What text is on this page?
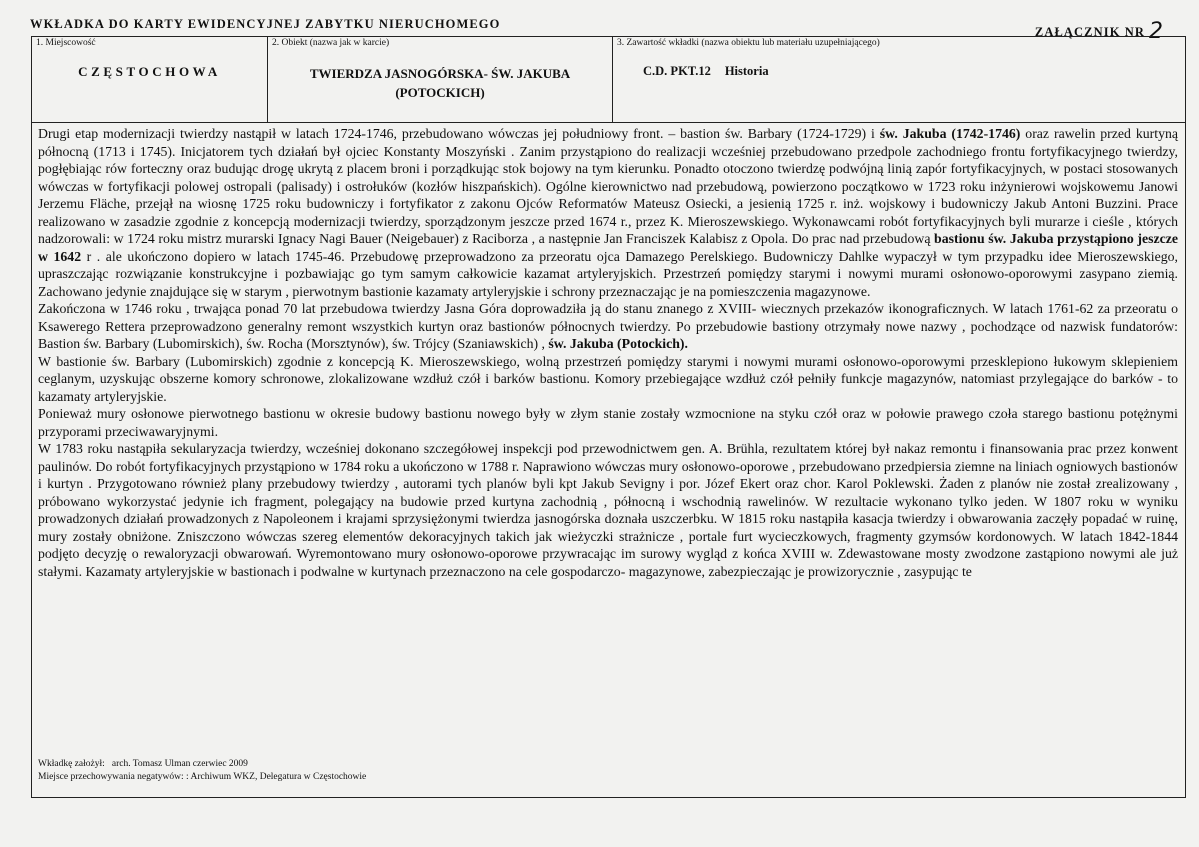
WKŁADKA DO KARTY EWIDENCYJNEJ ZABYTKU NIERUCHOMEGO
ZAŁĄCZNIK NR 2
1. Miejscowość
CZĘSTOCHOWA
2. Obiekt (nazwa jak w karcie)
TWIERDZA JASNOGÓRSKA- ŚW. JAKUBA (POTOCKICH)
3. Zawartość wkładki (nazwa obiektu lub materiału uzupełniającego)
C.D. PKT.12 Historia

Drugi etap modernizacji twierdzy nastąpił w latach 1724-1746, przebudowano wówczas jej południowy front. – bastion św. Barbary (1724-1729) i św. Jakuba (1742-1746) oraz rawelin przed kurtyną północną (1713 i 1745). Inicjatorem tych działań był ojciec Konstanty Moszyński . Zanim przystąpiono do realizacji wcześniej przebudowano przedpole zachodniego frontu fortyfikacyjnego twierdzy, pogłębiając rów forteczny oraz budując drogę ukrytą z placem broni i porządkując stok bojowy na tym kierunku. Ponadto otoczono twierdzę podwójną linią zapór fortyfikacyjnych, w postaci stosowanych wówczas w fortyfikacji polowej ostropali (palisady) i ostrołuków (kozłów hiszpańskich). Ogólne kierownictwo nad przebudową, powierzono początkowo w 1723 roku inżynierowi wojskowemu Janowi Jerzemu Fläche, przejął na wiosnę 1725 roku budowniczy i fortyfikator z zakonu Ojców Reformatów Mateusz Osiecki, a jesienią 1725 r. inż. wojskowy i budowniczy Jakub Antoni Buzzini. Prace realizowano w zasadzie zgodnie z koncepcją modernizacji twierdzy, sporządzonym jeszcze przed 1674 r., przez K. Mieroszewskiego. Wykonawcami robót fortyfikacyjnych byli murarze i cieśle , których nadzorowali: w 1724 roku mistrz murarski Ignacy Nagi Bauer (Neigebauer) z Raciborza , a następnie Jan Franciszek Kalabisz z Opola. Do prac nad przebudową bastionu św. Jakuba przystąpiono jeszcze w 1642 r . ale ukończono dopiero w latach 1745-46. Przebudowę przeprowadzono za przeoratu ojca Damazego Perelskiego. Budowniczy Dahlke wypaczył w tym przypadku idee Mieroszewskiego, upraszczając rozwiązanie konstrukcyjne i pozbawiając go tym samym całkowicie kazamat artyleryjskich. Przestrzeń pomiędzy starymi i nowymi murami osłonowo-oporowymi zasypano ziemią. Zachowano jedynie znajdujące się w starym , pierwotnym bastionie kazamaty artyleryjskie i schrony przeznaczając je na pomieszczenia magazynowe.

Zakończona w 1746 roku , trwająca ponad 70 lat przebudowa twierdzy Jasna Góra doprowadziła ją do stanu znanego z XVIII- wiecznych przekazów ikonograficznych. W latach 1761-62 za przeoratu o Ksawerego Rettera przeprowadzono generalny remont wszystkich kurtyn oraz bastionów północnych twierdzy. Po przebudowie bastiony otrzymały nowe nazwy , pochodzące od nazwisk fundatorów: Bastion św. Barbary (Lubomirskich), św. Rocha (Morsztynów), św. Trójcy (Szaniawskich) , św. Jakuba (Potockich).

W bastionie św. Barbary (Lubomirskich) zgodnie z koncepcją K. Mieroszewskiego, wolną przestrzeń pomiędzy starymi i nowymi murami osłonowo-oporowymi przesklepiono łukowym sklepieniem ceglanym, uzyskując obszerne komory schronowe, zlokalizowane wzdłuż czół i barków bastionu. Komory przebiegające wzdłuż czół pełniły funkcje magazynów, natomiast przylegające do barków - to kazamaty artyleryjskie.

Ponieważ mury osłonowe pierwotnego bastionu w okresie budowy bastionu nowego były w złym stanie zostały wzmocnione na styku czół oraz w połowie prawego czoła starego bastionu potężnymi przyporami przeciwawaryjnymi.

W 1783 roku nastąpiła sekularyzacja twierdzy, wcześniej dokonano szczegółowej inspekcji pod przewodnictwem gen. A. Brühla, rezultatem której był nakaz remontu i finansowania prac przez konwent paulinów. Do robót fortyfikacyjnych przystąpiono w 1784 roku a ukończono w 1788 r. Naprawiono wówczas mury osłonowo-oporowe , przebudowano przedpiersia ziemne na liniach ogniowych bastionów i kurtyn . Przygotowano również plany przebudowy twierdzy , autorami tych planów byli kpt Jakub Sevigny i por. Józef Ekert oraz chor. Karol Poklewski. Żaden z planów nie został zrealizowany , próbowano wykorzystać jedynie ich fragment, polegający na budowie przed kurtyna zachodnią , północną i wschodnią rawelinów. W rezultacie wykonano tylko jeden. W 1807 roku w wyniku prowadzonych działań prowadzonych z Napoleonem i krajami sprzysiężonymi twierdza jasnogórska doznała uszczerbku. W 1815 roku nastąpiła kasacja twierdzy i obwarowania zaczęły popadać w ruinę, mury zostały obniżone. Zniszczono wówczas szereg elementów dekoracyjnych takich jak wieżyczki strażnicze , portale furt wycieczkowych, fragmenty gzymsów kordonowych. W latach 1842-1844 podjęto decyzję o rewaloryzacji obwarowań. Wyremontowano mury osłonowo-oporowe przywracając im surowy wygląd z końca XVIII w. Zdewastowane mosty zwodzone zastąpiono nowymi ale już stałymi. Kazamaty artyleryjskie w bastionach i podwalne w kurtynach przeznaczono na cele gospodarczo- magazynowe, zabezpieczając je prowizorycznie , zasypując te

Wkładkę założył: arch. Tomasz Ulman czerwiec 2009
Miejsce przechowywania negatywów: : Archiwum WKZ, Delegatura w Częstochowie
